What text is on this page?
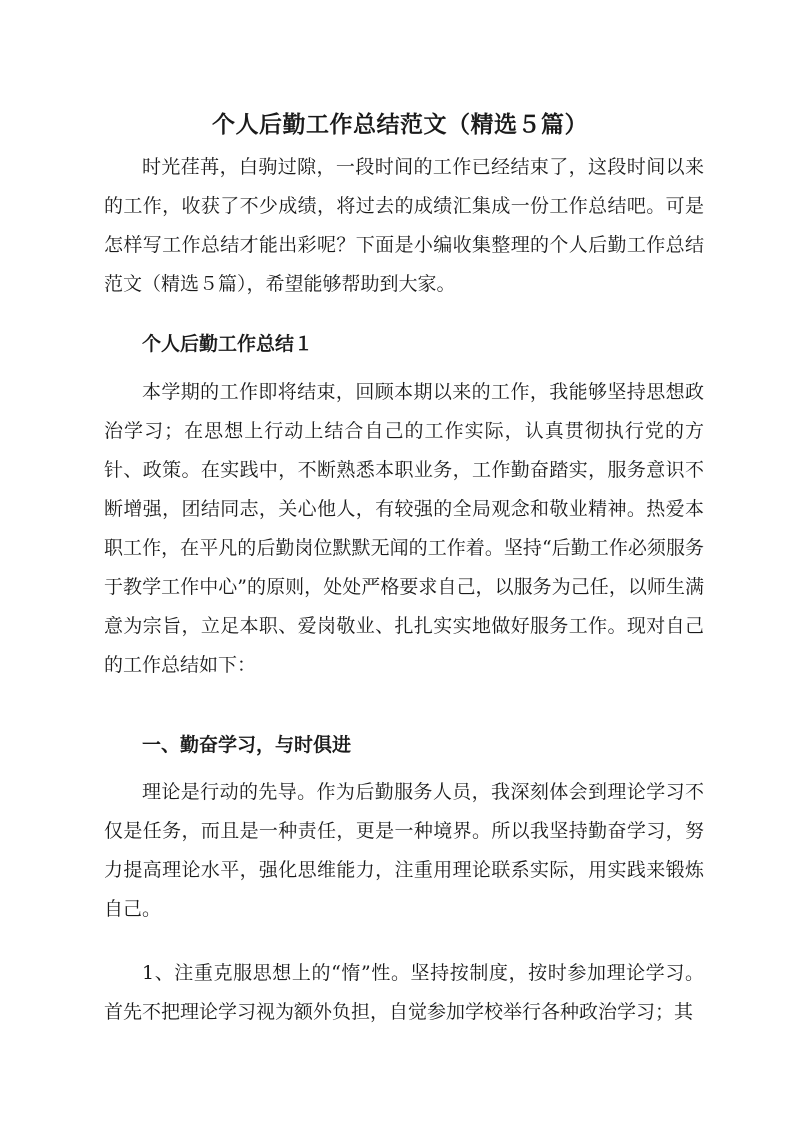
个人后勤工作总结范文（精选５篇）

时光荏苒，白驹过隙，一段时间的工作已经结束了，这段时间以来的工作，收获了不少成绩，将过去的成绩汇集成一份工作总结吧。可是怎样写工作总结才能出彩呢？下面是小编收集整理的个人后勤工作总结范文（精选５篇），希望能够帮助到大家。

个人后勤工作总结１

本学期的工作即将结束，回顾本期以来的工作，我能够坚持思想政治学习；在思想上行动上结合自己的工作实际，认真贯彻执行党的方针、政策。在实践中，不断熟悉本职业务，工作勤奋踏实，服务意识不断增强，团结同志，关心他人，有较强的全局观念和敬业精神。热爱本职工作，在平凡的后勤岗位默默无闻的工作着。坚持“后勤工作必须服务于教学工作中心”的原则，处处严格要求自己，以服务为己任，以师生满意为宗旨，立足本职、爱岗敬业、扎扎实实地做好服务工作。现对自己的工作总结如下：

一、勤奋学习，与时俱进

理论是行动的先导。作为后勤服务人员，我深刻体会到理论学习不仅是任务，而且是一种责任，更是一种境界。所以我坚持勤奋学习，努力提高理论水平，强化思维能力，注重用理论联系实际，用实践来锻炼自己。

1、注重克服思想上的“惰”性。坚持按制度，按时参加理论学习。首先不把理论学习视为额外负担，自觉参加学校举行各种政治学习；其
